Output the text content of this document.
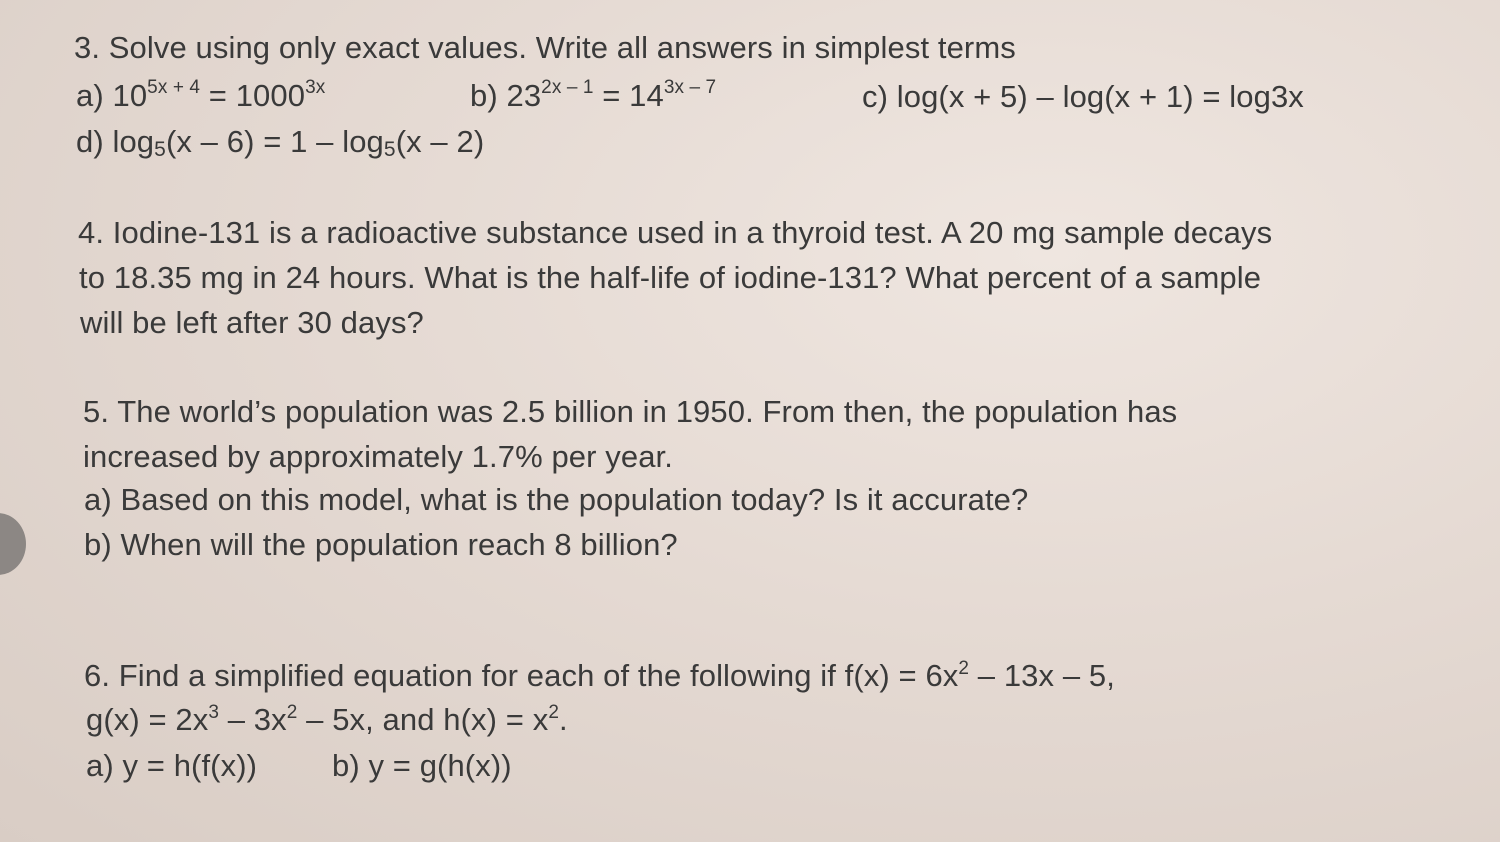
3. Solve using only exact values. Write all answers in simplest terms
a) $10^{5x + 4} = 1000^{3x}$	b) $23^{2x - 1} = 14^{3x - 7}$	c) log(x + 5) – log(x + 1) = log3x
d) $\log_5(x - 6) = 1 - \log_5(x - 2)$
4. Iodine-131 is a radioactive substance used in a thyroid test. A 20 mg sample decays
to 18.35 mg in 24 hours. What is the half-life of iodine-131? What percent of a sample
will be left after 30 days?
5. The world’s population was 2.5 billion in 1950. From then, the population has
increased by approximately 1.7% per year.
a) Based on this model, what is the population today? Is it accurate?
b) When will the population reach 8 billion?
6. Find a simplified equation for each of the following if $f(x) = 6x^2 - 13x - 5$,
$g(x) = 2x^3 - 3x^2 - 5x$, and $h(x) = x^2$.
a) y = h(f(x)) b) y = g(h(x))
